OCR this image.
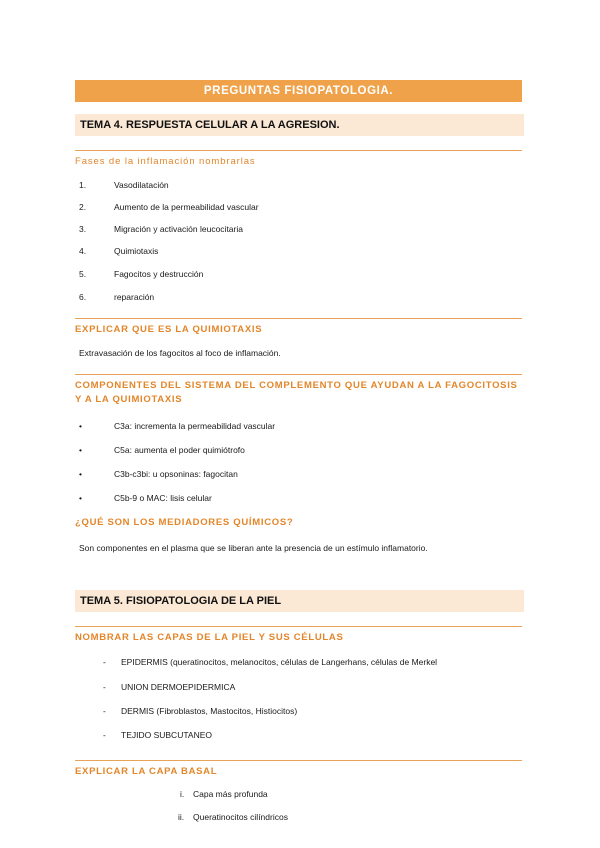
PREGUNTAS FISIOPATOLOGIA.
TEMA 4. RESPUESTA CELULAR A LA AGRESION.
Fases de la inflamación nombrarlas
1.	Vasodilatación
2.	Aumento de la permeabilidad vascular
3.	Migración y activación leucocitaria
4.	Quimiotaxis
5.	Fagocitos y destrucción
6.	reparación
EXPLICAR QUE ES LA QUIMIOTAXIS
Extravasación de los fagocitos al foco de inflamación.
COMPONENTES DEL SISTEMA DEL COMPLEMENTO QUE AYUDAN A LA FAGOCITOSIS
Y A LA QUIMIOTAXIS
•	C3a: incrementa la permeabilidad vascular
•	C5a: aumenta el poder quimiótrofo
•	C3b-c3bi: u opsoninas: fagocitan
•	C5b-9 o MAC: lisis celular
¿QUÉ SON LOS MEDIADORES QUÍMICOS?
Son componentes en el plasma que se liberan ante la presencia de un estímulo inflamatorio.
TEMA 5. FISIOPATOLOGIA DE LA PIEL
NOMBRAR LAS CAPAS DE LA PIEL Y SUS CÉLULAS
- EPIDERMIS (queratinocitos, melanocitos, células de Langerhans, células de Merkel
- UNION DERMOEPIDERMICA
- DERMIS (Fibroblastos, Mastocitos, Histiocitos)
- TEJIDO SUBCUTANEO
EXPLICAR LA CAPA BASAL
i. Capa más profunda
ii. Queratinocitos cilíndricos
